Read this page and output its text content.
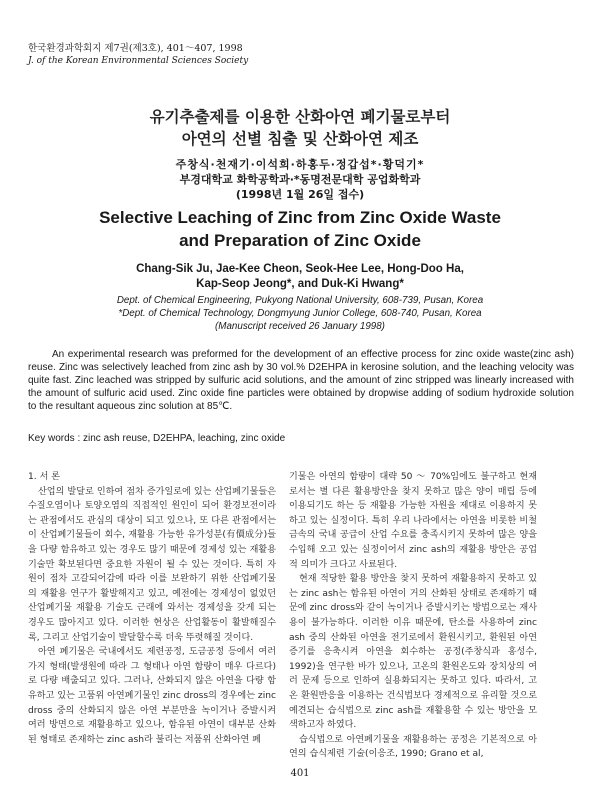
한국환경과학회지 제7권(제3호), 401～407, 1998
J. of the Korean Environmental Sciences Society
유기추출제를 이용한 산화아연 폐기물로부터
아연의 선별 침출 및 산화아연 제조
주창식·천재기·이석희·하홍두·정갑섭*·황덕기*
부경대학교 화학공학과·*동명전문대학 공업화학과
(1998년 1월 26일 접수)
Selective Leaching of Zinc from Zinc Oxide Waste
and Preparation of Zinc Oxide
Chang-Sik Ju, Jae-Kee Cheon, Seok-Hee Lee, Hong-Doo Ha,
Kap-Seop Jeong*, and Duk-Ki Hwang*
Dept. of Chemical Engineering, Pukyong National University, 608-739, Pusan, Korea
*Dept. of Chemical Technology, Dongmyung Junior College, 608-740, Pusan, Korea
(Manuscript received 26 January 1998)
An experimental research was preformed for the development of an effective process for zinc oxide waste(zinc ash) reuse. Zinc was selectively leached from zinc ash by 30 vol.% D2EHPA in kerosine solution, and the leaching velocity was quite fast. Zinc leached was stripped by sulfuric acid solutions, and the amount of zinc stripped was linearly increased with the amount of sulfuric acid used. Zinc oxide fine particles were obtained by dropwise adding of sodium hydroxide solution to the resultant aqueous zinc solution at 85℃.
Key words : zinc ash reuse, D2EHPA, leaching, zinc oxide

1. 서 론

산업의 발달로 인하여 점차 증가일로에 있는 산업폐기물들은 수질오염이나 토양오염의 직접적인 원인이 되어 환경보전이라는 관점에서도 관심의 대상이 되고 있으나, 또 다른 관점에서는 이 산업폐기물들이 회수, 재활용 가능한 유가성분(有價成分)들을 다량 함유하고 있는 경우도 많기 때문에 경제성 있는 재활용 기술만 확보된다면 중요한 자원이 될 수 있는 것이다. 특히 자원이 점차 고갈되어감에 따라 이를 보완하기 위한 산업폐기물의 재활용 연구가 활발해지고 있고, 예전에는 경제성이 없었던 산업폐기물 재활용 기술도 근래에 와서는 경제성을 갖게 되는 경우도 많아지고 있다. 이러한 현상은 산업활동이 활발해질수록, 그리고 산업기술이 발달할수록 더욱 뚜렷해질 것이다.

아연 폐기물은 국내에서도 제련공정, 도금공정 등에서 여러 가지 형태(발생원에 따라 그 형태나 아연 함량이 매우 다르다)로 다량 배출되고 있다. 그러나, 산화되지 않은 아연을 다량 함유하고 있는 고품위 아연폐기물인 zinc dross의 경우에는 zinc dross 중의 산화되지 않은 아연 부분만을 녹이거나 증발시켜 여러 방면으로 재활용하고 있으나, 함유된 아연이 대부분 산화된 형태로 존재하는 zinc ash라 불리는 저품위 산화아연 폐

기물은 아연의 함량이 대략 50 ～ 70%임에도 불구하고 현재로서는 별 다른 활용방안을 찾지 못하고 많은 양이 매립 등에 이용되기도 하는 등 재활용 가능한 자원을 제대로 이용하지 못하고 있는 실정이다. 특히 우리 나라에서는 아연을 비롯한 비철금속의 국내 공급이 산업 수요를 충족시키지 못하여 많은 양을 수입해 오고 있는 실정이어서 zinc ash의 재활용 방안은 공업적 의미가 크다고 사료된다.

현재 적당한 활용 방안을 찾지 못하여 재활용하지 못하고 있는 zinc ash는 함유된 아연이 거의 산화된 상태로 존재하기 때문에 zinc dross와 같이 녹이거나 증발시키는 방법으로는 재사용이 불가능하다. 이러한 이유 때문에, 탄소를 사용하여 zinc ash 중의 산화된 아연을 전기로에서 환원시키고, 환원된 아연 증기를 응축시켜 아연을 회수하는 공정(주창식과 홍성수, 1992)을 연구한 바가 있으나, 고온의 환원온도와 장치상의 여러 문제 등으로 인하여 실용화되지는 못하고 있다. 따라서, 고온 환원반응을 이용하는 건식법보다 경제적으로 유리할 것으로 예견되는 습식법으로 zinc ash를 재활용할 수 있는 방안을 모색하고자 하였다.

습식법으로 아연폐기물을 재활용하는 공정은 기본적으로 아연의 습식제련 기술(이응조, 1990; Grano et al,

401
